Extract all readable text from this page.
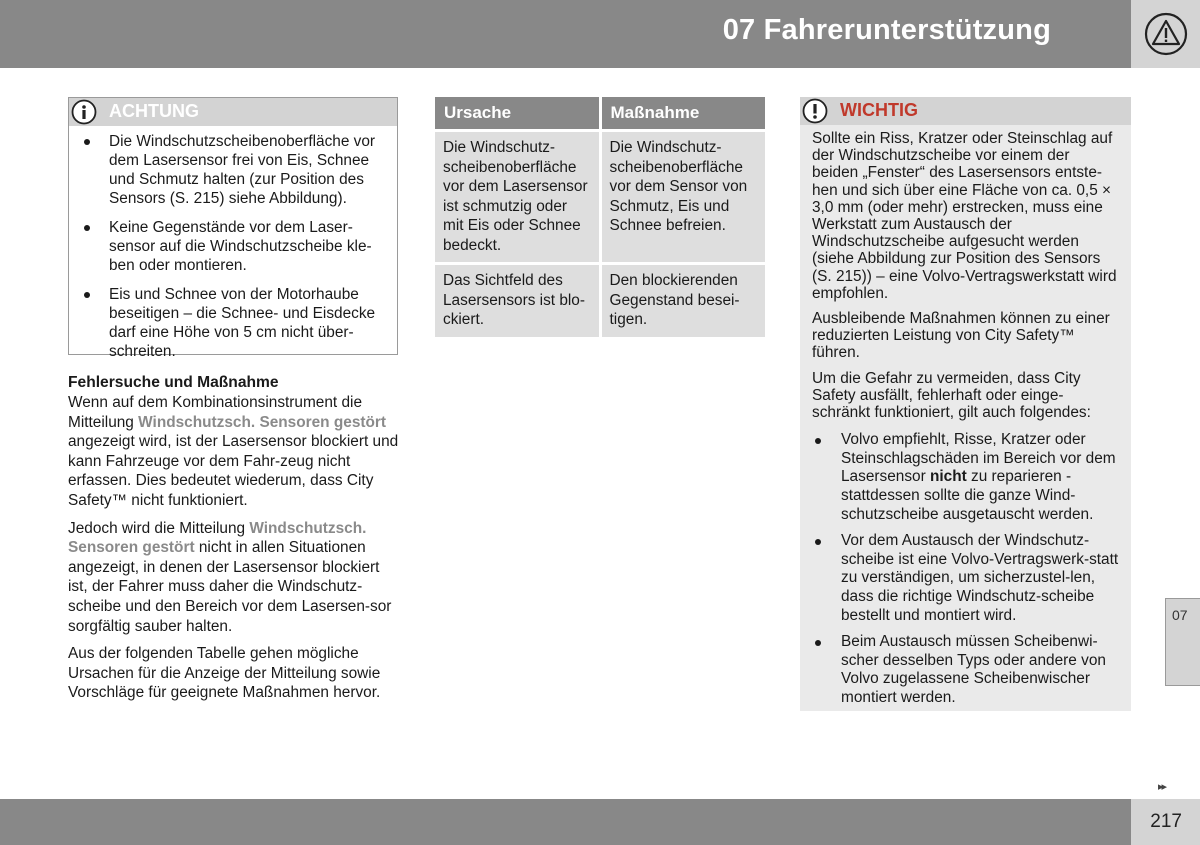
07 Fahrerunterstützung
ACHTUNG
Die Windschutzscheibenoberfläche vor dem Lasersensor frei von Eis, Schnee und Schmutz halten (zur Position des Sensors (S. 215) siehe Abbildung).
Keine Gegenstände vor dem Laser-sensor auf die Windschutzscheibe kle-ben oder montieren.
Eis und Schnee von der Motorhaube beseitigen – die Schnee- und Eisdecke darf eine Höhe von 5 cm nicht über-schreiten.
Fehlersuche und Maßnahme

Wenn auf dem Kombinationsinstrument die Mitteilung Windschutzsch. Sensoren gestört angezeigt wird, ist der Lasersensor blockiert und kann Fahrzeuge vor dem Fahr-zeug nicht erfassen. Dies bedeutet wiederum, dass City Safety™ nicht funktioniert.

Jedoch wird die Mitteilung Windschutzsch. Sensoren gestört nicht in allen Situationen angezeigt, in denen der Lasersensor blockiert ist, der Fahrer muss daher die Windschutz-scheibe und den Bereich vor dem Lasersen-sor sorgfältig sauber halten.

Aus der folgenden Tabelle gehen mögliche Ursachen für die Anzeige der Mitteilung sowie Vorschläge für geeignete Maßnahmen hervor.

Ursache	Maßnahme
Die Windschutz-scheibenoberfläche vor dem Lasersensor ist schmutzig oder mit Eis oder Schnee bedeckt.	Die Windschutz-scheibenoberfläche vor dem Sensor von Schmutz, Eis und Schnee befreien.
Das Sichtfeld des Lasersensors ist blo-ckiert.	Den blockierenden Gegenstand besei-tigen.
WICHTIG

Sollte ein Riss, Kratzer oder Steinschlag auf der Windschutzscheibe vor einem der beiden „Fenster“ des Lasersensors entste-hen und sich über eine Fläche von ca. 0,5 × 3,0 mm (oder mehr) erstrecken, muss eine Werkstatt zum Austausch der Windschutzscheibe aufgesucht werden (siehe Abbildung zur Position des Sensors (S. 215)) – eine Volvo-Vertragswerkstatt wird empfohlen.

Ausbleibende Maßnahmen können zu einer reduzierten Leistung von City Safety™ führen.

Um die Gefahr zu vermeiden, dass City Safety ausfällt, fehlerhaft oder einge-schränkt funktioniert, gilt auch folgendes:

Volvo empfiehlt, Risse, Kratzer oder Steinschlagschäden im Bereich vor dem Lasersensor nicht zu reparieren - stattdessen sollte die ganze Wind-schutzscheibe ausgetauscht werden.
Vor dem Austausch der Windschutz-scheibe ist eine Volvo-Vertragswerk-statt zu verständigen, um sicherzustel-len, dass die richtige Windschutz-scheibe bestellt und montiert wird.
Beim Austausch müssen Scheibenwi-scher desselben Typs oder andere von Volvo zugelassene Scheibenwischer montiert werden.
07
▸▸
217
